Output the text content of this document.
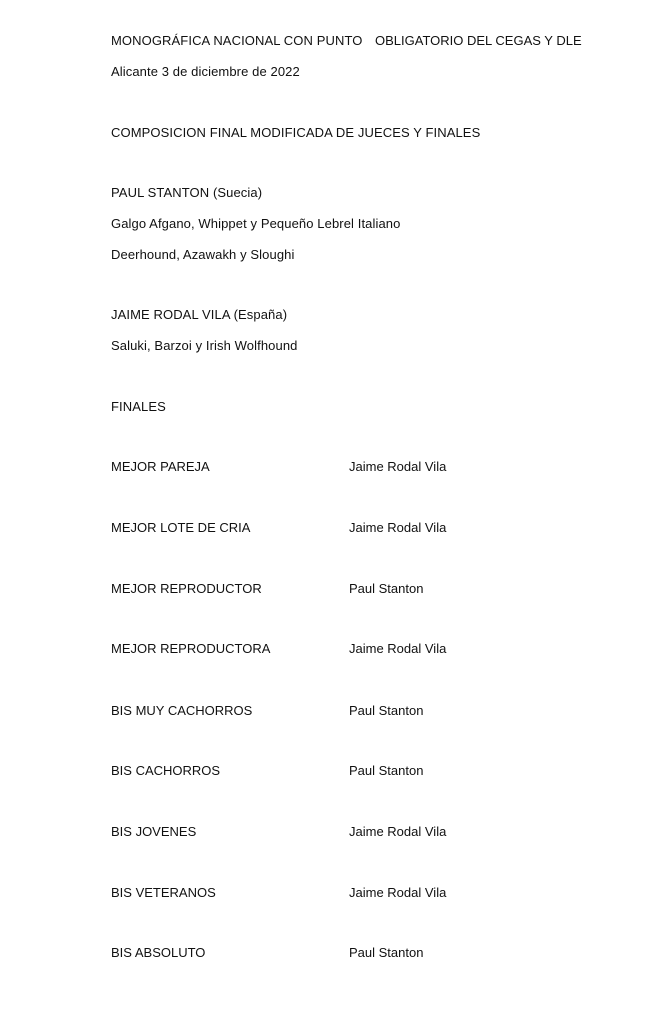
MONOGRÁFICA NACIONAL CON PUNTO OBLIGATORIO DEL CEGAS Y DLE
Alicante 3 de diciembre de 2022
COMPOSICION FINAL MODIFICADA DE JUECES Y FINALES
PAUL STANTON (Suecia)
Galgo Afgano, Whippet y Pequeño Lebrel Italiano
Deerhound, Azawakh y Sloughi
JAIME RODAL VILA (España)
Saluki, Barzoi y Irish Wolfhound
FINALES
MEJOR PAREJA	Jaime Rodal Vila
MEJOR LOTE DE CRIA	Jaime Rodal Vila
MEJOR REPRODUCTOR	Paul Stanton
MEJOR REPRODUCTORA	Jaime Rodal Vila
BIS MUY CACHORROS	Paul Stanton
BIS CACHORROS	Paul Stanton
BIS JOVENES	Jaime Rodal Vila
BIS VETERANOS	Jaime Rodal Vila
BIS ABSOLUTO	Paul Stanton
